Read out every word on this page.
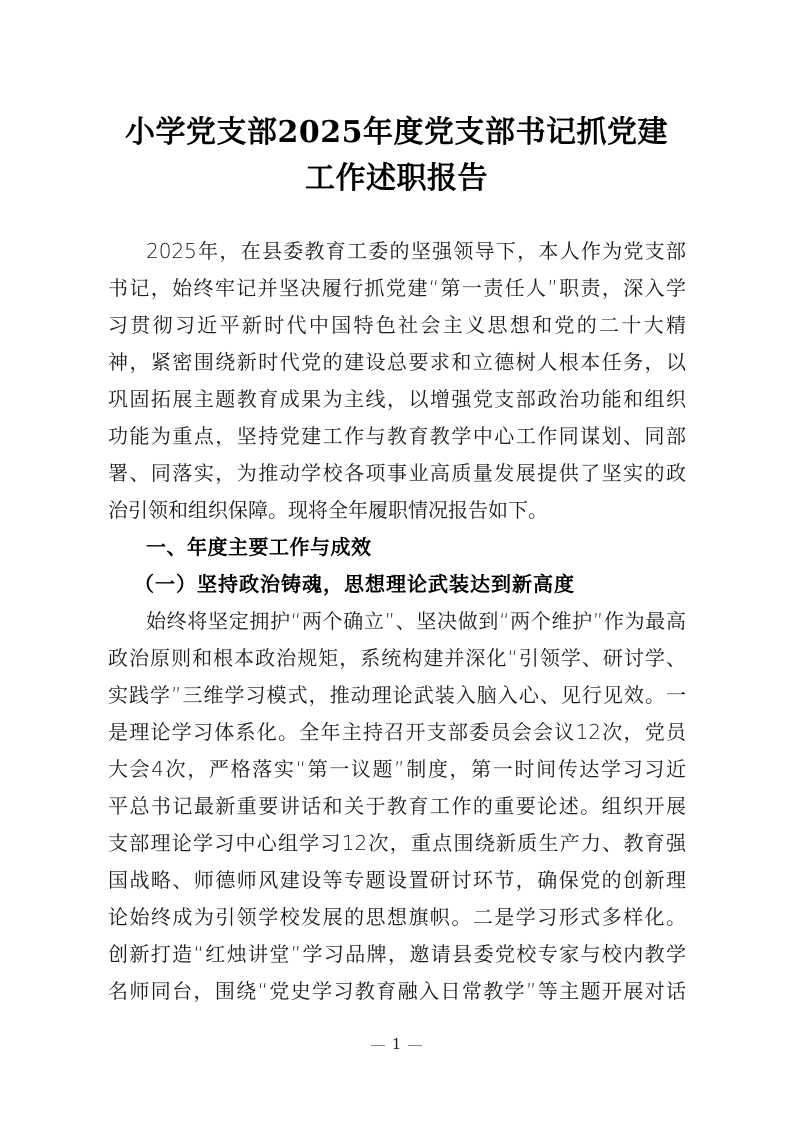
小学党支部2025年度党支部书记抓党建
工作述职报告
2025年，在县委教育工委的坚强领导下，本人作为党支部
书记，始终牢记并坚决履行抓党建“第一责任人”职责，深入学
习贯彻习近平新时代中国特色社会主义思想和党的二十大精
神，紧密围绕新时代党的建设总要求和立德树人根本任务，以
巩固拓展主题教育成果为主线，以增强党支部政治功能和组织
功能为重点，坚持党建工作与教育教学中心工作同谋划、同部
署、同落实，为推动学校各项事业高质量发展提供了坚实的政
治引领和组织保障。现将全年履职情况报告如下。
一、年度主要工作与成效
（一）坚持政治铸魂，思想理论武装达到新高度
始终将坚定拥护“两个确立”、坚决做到“两个维护”作为最高
政治原则和根本政治规矩，系统构建并深化“引领学、研讨学、
实践学”三维学习模式，推动理论武装入脑入心、见行见效。一
是理论学习体系化。全年主持召开支部委员会会议12次，党员
大会4次，严格落实“第一议题”制度，第一时间传达学习习近
平总书记最新重要讲话和关于教育工作的重要论述。组织开展
支部理论学习中心组学习12次，重点围绕新质生产力、教育强
国战略、师德师风建设等专题设置研讨环节，确保党的创新理
论始终成为引领学校发展的思想旗帜。二是学习形式多样化。
创新打造“红烛讲堂”学习品牌，邀请县委党校专家与校内教学
名师同台，围绕“党史学习教育融入日常教学”等主题开展对话
1
